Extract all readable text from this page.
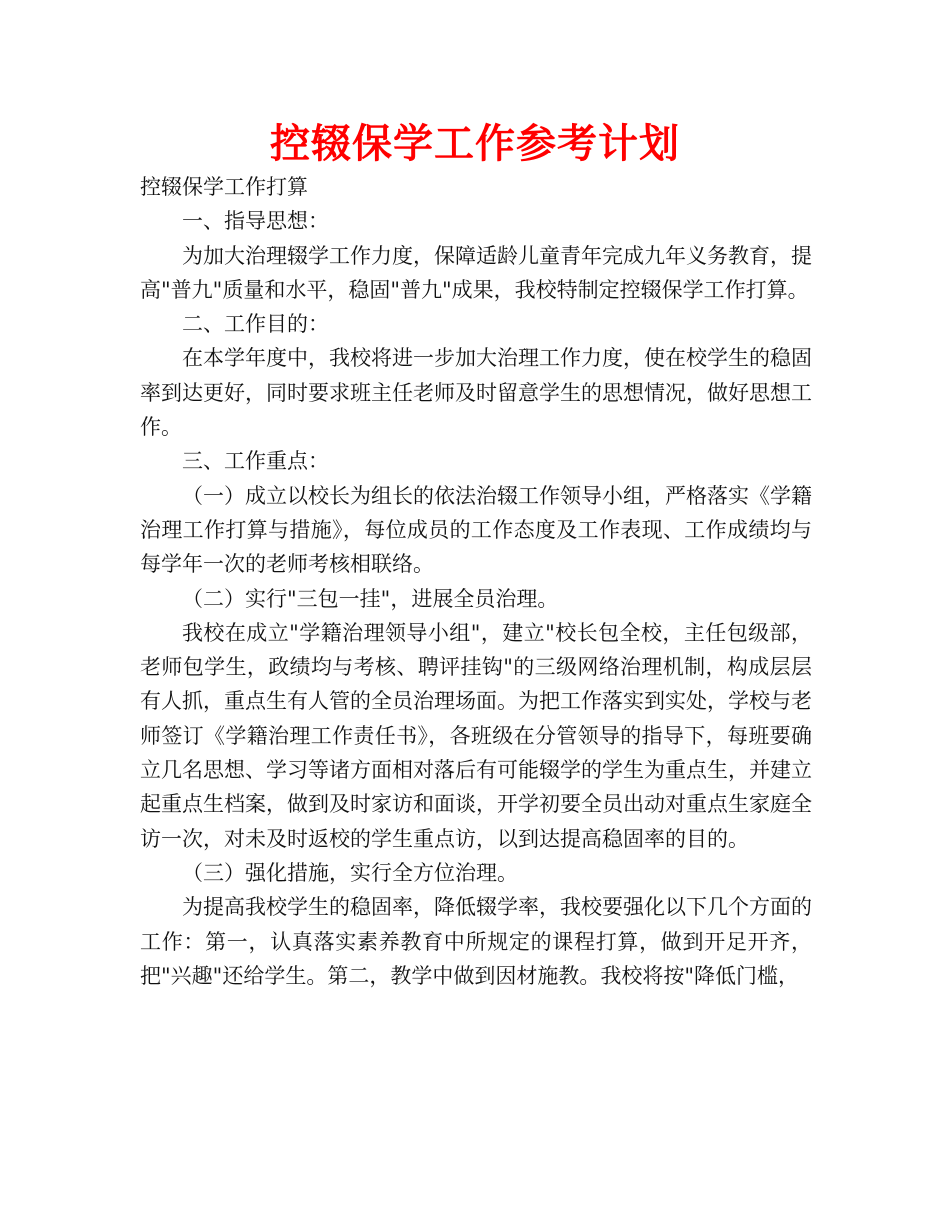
控辍保学工作参考计划

控辍保学工作打算

一、指导思想：

为加大治理辍学工作力度，保障适龄儿童青年完成九年义务教育，提高"普九"质量和水平，稳固"普九"成果，我校特制定控辍保学工作打算。

二、工作目的：

在本学年度中，我校将进一步加大治理工作力度，使在校学生的稳固率到达更好，同时要求班主任老师及时留意学生的思想情况，做好思想工作。

三、工作重点：

（一）成立以校长为组长的依法治辍工作领导小组，严格落实《学籍治理工作打算与措施》，每位成员的工作态度及工作表现、工作成绩均与每学年一次的老师考核相联络。

（二）实行"三包一挂"，进展全员治理。

我校在成立"学籍治理领导小组"，建立"校长包全校，主任包级部，老师包学生，政绩均与考核、聘评挂钩"的三级网络治理机制，构成层层有人抓，重点生有人管的全员治理场面。为把工作落实到实处，学校与老师签订《学籍治理工作责任书》，各班级在分管领导的指导下，每班要确立几名思想、学习等诸方面相对落后有可能辍学的学生为重点生，并建立起重点生档案，做到及时家访和面谈，开学初要全员出动对重点生家庭全访一次，对未及时返校的学生重点访，以到达提高稳固率的目的。

（三）强化措施，实行全方位治理。

为提高我校学生的稳固率，降低辍学率，我校要强化以下几个方面的工作：第一，认真落实素养教育中所规定的课程打算，做到开足开齐，把"兴趣"还给学生。第二，教学中做到因材施教。我校将按"降低门槛，
